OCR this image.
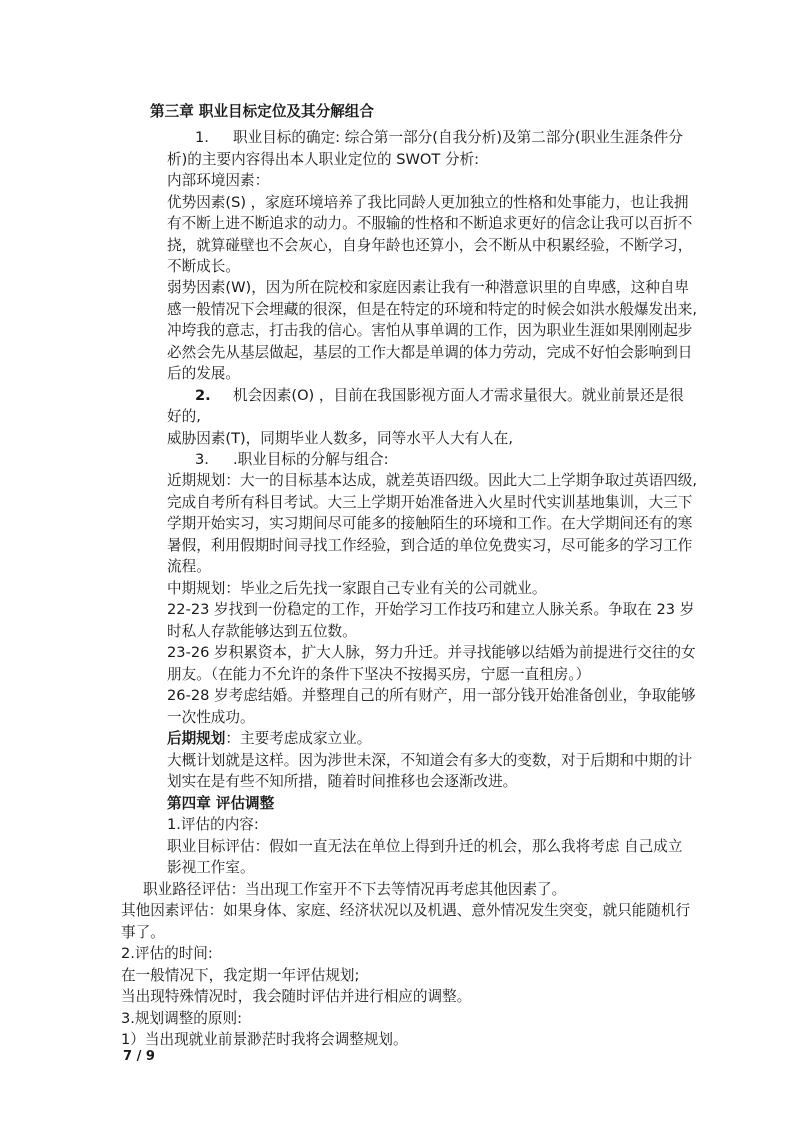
第三章 职业目标定位及其分解组合
1. 职业目标的确定: 综合第一部分(自我分析)及第二部分(职业生涯条件分
析)的主要内容得出本人职业定位的 SWOT 分析:
内部环境因素：
优势因素(S) ，家庭环境培养了我比同龄人更加独立的性格和处事能力，也让我拥
有不断上进不断追求的动力。不服输的性格和不断追求更好的信念让我可以百折不
挠，就算碰壁也不会灰心，自身年龄也还算小，会不断从中积累经验，不断学习，
不断成长。
弱势因素(W)，因为所在院校和家庭因素让我有一种潜意识里的自卑感，这种自卑
感一般情况下会埋藏的很深，但是在特定的环境和特定的时候会如洪水般爆发出来,
冲垮我的意志，打击我的信心。害怕从事单调的工作，因为职业生涯如果刚刚起步
必然会先从基层做起，基层的工作大都是单调的体力劳动，完成不好怕会影响到日
后的发展。
2. 机会因素(O) ，目前在我国影视方面人才需求量很大。就业前景还是很
好的,
威胁因素(T)，同期毕业人数多，同等水平人大有人在,
3. .职业目标的分解与组合:
近期规划：大一的目标基本达成，就差英语四级。因此大二上学期争取过英语四级,
完成自考所有科目考试。大三上学期开始准备进入火星时代实训基地集训，大三下
学期开始实习，实习期间尽可能多的接触陌生的环境和工作。在大学期间还有的寒
暑假，利用假期时间寻找工作经验，到合适的单位免费实习，尽可能多的学习工作
流程。
中期规划：毕业之后先找一家跟自己专业有关的公司就业。
22-23 岁找到一份稳定的工作，开始学习工作技巧和建立人脉关系。争取在 23 岁
时私人存款能够达到五位数。
23-26 岁积累资本，扩大人脉，努力升迁。并寻找能够以结婚为前提进行交往的女
朋友。（在能力不允许的条件下坚决不按揭买房，宁愿一直租房。）
26-28 岁考虑结婚。并整理自己的所有财产，用一部分钱开始准备创业，争取能够
一次性成功。
后期规划：主要考虑成家立业。
大概计划就是这样。因为涉世未深，不知道会有多大的变数，对于后期和中期的计
划实在是有些不知所措，随着时间推移也会逐渐改进。
第四章 评估调整
1.评估的内容:
职业目标评估：假如一直无法在单位上得到升迁的机会，那么我将考虑 自己成立
影视工作室。
职业路径评估：当出现工作室开不下去等情况再考虑其他因素了。
其他因素评估：如果身体、家庭、经济状况以及机遇、意外情况发生突变，就只能随机行
事了。
2.评估的时间:
在一般情况下，我定期一年评估规划;
当出现特殊情况时，我会随时评估并进行相应的调整。
3.规划调整的原则:
1）当出现就业前景渺茫时我将会调整规划。
7 / 9
